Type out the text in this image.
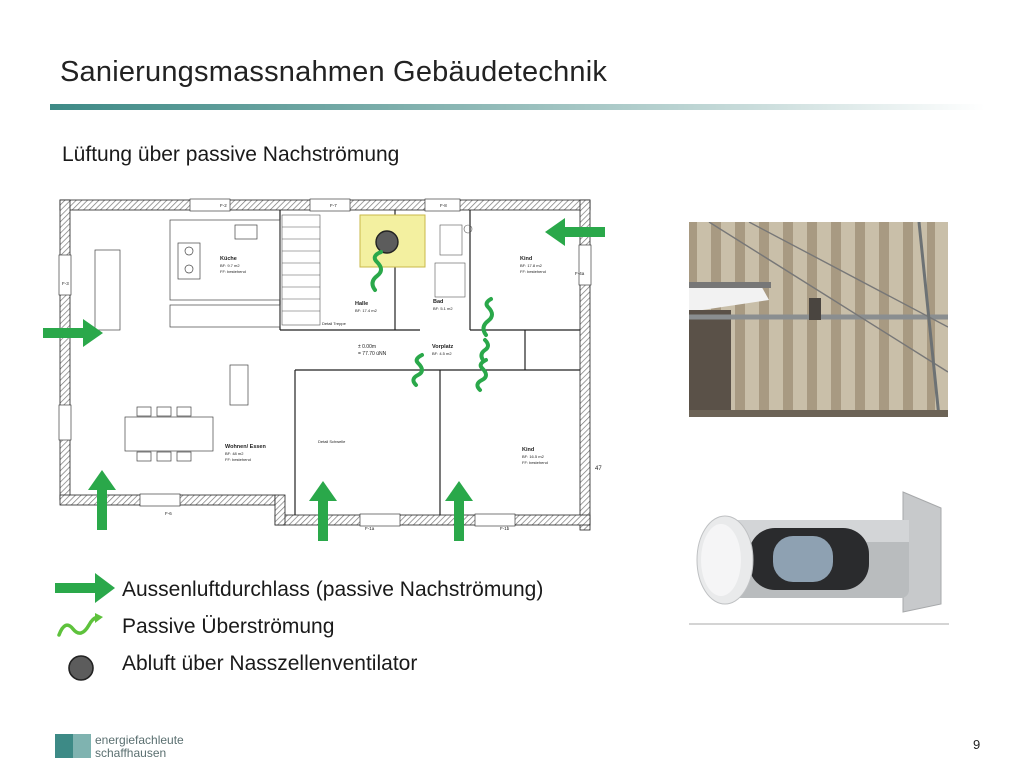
Sanierungsmassnahmen Gebäudetechnik
Lüftung über passive Nachströmung
Küche
BF: 9.7 m2
FF: bestehend
Halle
BF: 17.4 m2
Bad
BF: 5.1 m2
Kind
BF: 17.8 m2
FF: bestehend
Vorplatz
BF: 4.5 m2
Wohnen/ Essen
BF: 48 m2
FF: bestehend
Kind
BF: 16.5 m2
FF: bestehend
± 0.00m
= 77.70 üNN
F-2	F-7	F-8
F-3
F-4a
F-6
F-1a	F-1b
Detail Treppe
Detail Schwelle
47
Aussenluftdurchlass (passive Nachströmung)
Passive Überströmung
Abluft über Nasszellenventilator
energiefachleute
schaffhausen
9
